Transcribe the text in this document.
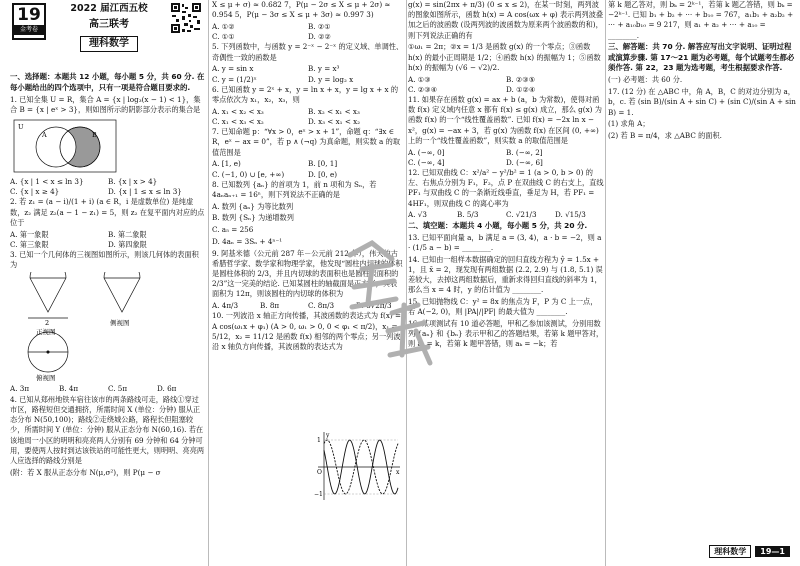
19
金考卷
2022 届江西五校
高三联考
理科数学

一、选择题：本题共 12 小题，每小题 5 分，共 60 分. 在每小题给出的四个选项中，只有一项是符合题目要求的.

1. 已知全集 U = R，集合 A = {x | log₃(x − 1) < 1}，集合 B = {x | eˣ > 3}，则如图所示的阴影部分表示的集合是

U
A	B
A. {x | 1 < x ≤ ln 3}	B. {x | x > 4}
C. {x | x ≥ 4}	D. {x | 1 ≤ x ≤ ln 3}

2. 若 z₁ = (a − i)/(1 + i) (a ∈ R，i 是虚数单位) 是纯虚数，z₂ 满足 z₂(a − 1 − z₁) = 5，则 z₂ 在复平面内对应的点位于

A. 第一象限	B. 第二象限
C. 第三象限	D. 第四象限

3. 已知一个几何体的三视图如图所示，则该几何体的表面积为

2
正视图
侧视图
俯视图
A. 3π	B. 4π	C. 5π	D. 6π

4. 已知从郑州地铁车宿往该市的两条路线可走，路线①穿过市区，路程短但交通拥挤，所需时间 X (单位：分钟) 服从正态分布 N(50,100)；路线②走绕城公路，路程长但阻塞较少，所需时间 Y (单位：分钟) 服从正态分布 N(60,16). 若在该地周一小区的明明和亮亮两人分别有 69 分钟和 64 分钟可用，要使两人按时到达该铁站的可能性更大，则明明、亮亮两人应选择的路线分别是

(附：若 X 服从正态分布 N(μ,σ²)，则 P(μ − σ

X ≤ μ + σ) ≈ 0.682 7，P(μ − 2σ ≤ X ≤ μ + 2σ) ≈ 0.954 5，P(μ − 3σ ≤ X ≤ μ + 3σ) ≈ 0.997 3)

A. ①②	B. ②①
C. ①①	D. ②②

5. 下列函数中，与函数 y = 2⁻ˣ − 2⁻ˣ 的定义域、单调性、奇偶性一致的函数是

A. y = sin x	B. y = x³
C. y = (1/2)ˣ	D. y = log₂ x

6. 已知函数 y = 2ˣ + x，y = ln x + x，y = lg x + x 的零点依次为 x₁，x₂，x₃，则

A. x₁ < x₂ < x₃	B. x₂ < x₁ < x₃
C. x₁ < x₃ < x₂	D. x₃ < x₁ < x₂

7. 已知命题 p：“∀x > 0，eˣ > x + 1”，命题 q：“∃x ∈ R，eˣ − ax = 0”，若 p ∧ (¬q) 为真命题，则实数 a 的取值范围是

A. [1, e)	B. [0, 1]
C. (−1, 0) ∪ [e, +∞)	D. [0, e)

8. 已知数列 {aₙ} 的首项为 1，前 n 项和为 Sₙ，若 4aₙaₙ₊₁ = 16ⁿ，则下列说法不正确的是

A. 数列 {aₙ} 为等比数列

B. 数列 {Sₙ} 为递增数列

C. a₅ = 256

D. 4aₙ = 3Sₙ + 4ⁿ⁻¹

9. 阿基米德（公元前 287 年－公元前 212 年），伟大的古希腊哲学家、数学家和物理学家，他发现“圆柱内切球的体积是圆柱体积的 2/3，并且内切球的表面积也是圆柱表面积的 2/3”这一完美的结论. 已知某圆柱的轴截面是正方形，其表面积为 12π，则该圆柱的内切球的体积为

A. 4π/3	B. 8π	C. 8π/3	D. 8√2π/3

10. 一列波沿 x 轴正方向传播，其波函数的表达式为 f(x) = A cos(ω₁x + φ₁) (A > 0, ω₁ > 0, 0 < φ₁ < π/2)，x₁ = 5/12，x₂ = 11/12 是函数 f(x) 相邻的两个零点；另一列波沿 x 轴负方向传播，其波函数的表达式为

y
1
O	x
−1

g(x) = sin(2πx + π/3) (0 ≤ x ≤ 2)，在某一时刻，两列波的图象如图所示，函数 h(x) = A cos(ωx + φ) 表示两列波叠加之后的波函数 (设两列波的波函数为原来两个波函数的和)，则下列说法正确的有

①ω₁ = 2π；②x = 1/3 是函数 g(x) 的一个零点；③函数 h(x) 的最小正周期是 1/2；④函数 h(x) 的振幅为 1；⑤函数 h(x) 的振幅为 (√6 − √2)/2.

A. ①③	B. ②③⑤
C. ②③④	D. ①②④

11. 如果存在函数 g(x) = ax + b (a，b 为常数)，使得对函数 f(x) 定义域内任意 x 都有 f(x) ≤ g(x) 成立，那么 g(x) 为函数 f(x) 的一个“线性覆盖函数”. 已知 f(x) = −2x ln x − x²，g(x) = −ax + 3，若 g(x) 为函数 f(x) 在区间 (0, +∞) 上的一个“线性覆盖函数”，则实数 a 的取值范围是

A. (−∞, 0]	B. (−∞, 2]
C. (−∞, 4]	D. (−∞, 6]

12. 已知双曲线 C：x²/a² − y²/b² = 1 (a > 0, b > 0) 的左、右焦点分别为 F₁，F₂，点 P 在双曲线 C 的右支上，直线 PF₁ 与双曲线 C 的一条渐近线垂直，垂足为 H，若 PF₁ = 4HF₁，则双曲线 C 的离心率为

A. √3	B. 5/3	C. √21/3	D. √15/3

二、填空题：本题共 4 小题，每小题 5 分，共 20 分.

13. 已知平面向量 a，b 满足 a = (3, 4)，a · b = −2，则 a · (1/5 a − b) = ________.

14. 已知由一组样本数据确定的回归直线方程为 ŷ = 1.5x + 1，且 x̄ = 2，现发现有两组数据 (2.2, 2.9) 与 (1.8, 5.1) 误差较大，去掉这两组数据后，重新求得回归直线的斜率为 1，那么当 x = 4 时，y 的估计值为 ________.

15. 已知抛物线 C：y² = 8x 的焦点为 F，P 为 C 上一点，若 A(−2, 0)，则 |PA|/|PF| 的最大值为 ________.

16. 某项测试有 10 道必答题，甲和乙参加该测试，分别用数列 {aₙ} 和 {bₙ} 表示甲和乙的答题结果，若第 k 题甲答对，则 aₖ = k，若第 k 题甲答错，则 aₖ = −k；若

第 k 题乙答对，则 bₖ = 2ᵏ⁻¹，若第 k 题乙答错，则 bₖ = −2ᵏ⁻¹. 已知 b₁ + b₂ + ⋯ + b₁₀ = 767，a₁b₁ + a₂b₂ + ⋯ + a₁₀b₁₀ = 9 217，则 a₁ + a₂ + ⋯ + a₁₀ = ________.

三、解答题：共 70 分. 解答应写出文字说明、证明过程或演算步骤. 第 17～21 题为必考题，每个试题考生都必须作答. 第 22，23 题为选考题，考生根据要求作答.

(一) 必考题：共 60 分.

17. (12 分) 在 △ABC 中，角 A，B，C 的对边分别为 a，b，c. 若 (sin B)/(sin A + sin C) + (sin C)/(sin A + sin B) = 1.

(1) 求角 A；

(2) 若 B = π/4，求 △ABC 的面积.

理科数学	19—1
